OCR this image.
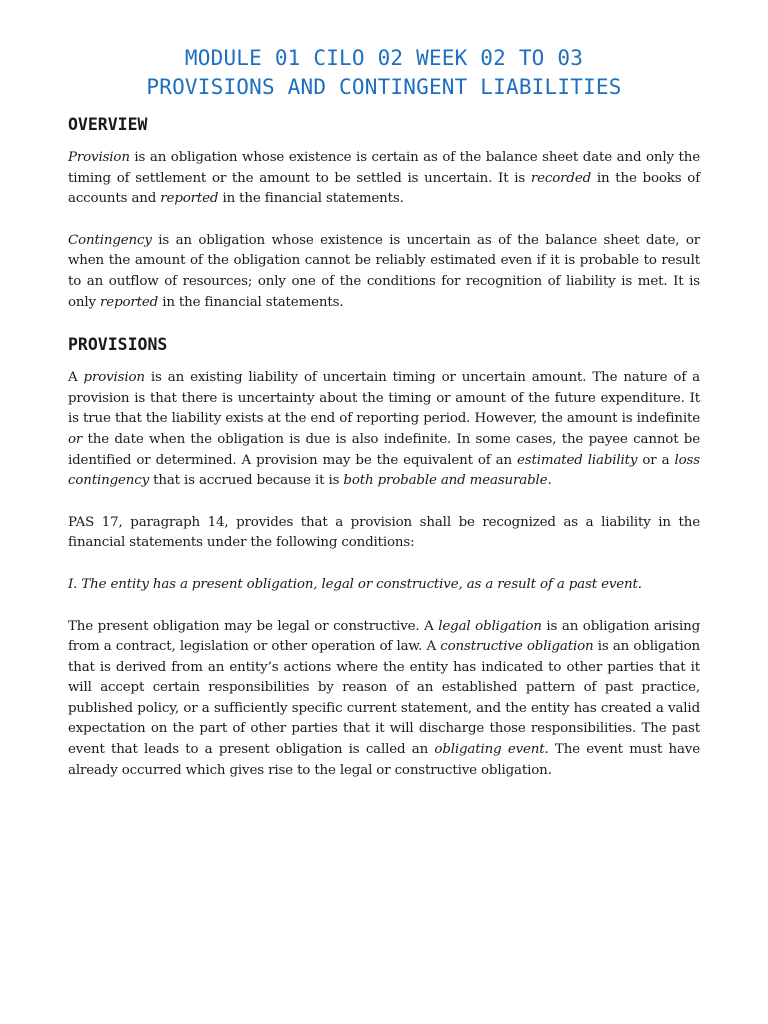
MODULE 01 CILO 02 WEEK 02 TO 03
PROVISIONS AND CONTINGENT LIABILITIES
OVERVIEW

Provision is an obligation whose existence is certain as of the balance sheet date and only the timing of settlement or the amount to be settled is uncertain. It is recorded in the books of accounts and reported in the financial statements.

Contingency is an obligation whose existence is uncertain as of the balance sheet date, or when the amount of the obligation cannot be reliably estimated even if it is probable to result to an outflow of resources; only one of the conditions for recognition of liability is met. It is only reported in the financial statements.

PROVISIONS

A provision is an existing liability of uncertain timing or uncertain amount. The nature of a provision is that there is uncertainty about the timing or amount of the future expenditure. It is true that the liability exists at the end of reporting period. However, the amount is indefinite or the date when the obligation is due is also indefinite. In some cases, the payee cannot be identified or determined. A provision may be the equivalent of an estimated liability or a loss contingency that is accrued because it is both probable and measurable.

PAS 17, paragraph 14, provides that a provision shall be recognized as a liability in the financial statements under the following conditions:

I. The entity has a present obligation, legal or constructive, as a result of a past event.

The present obligation may be legal or constructive. A legal obligation is an obligation arising from a contract, legislation or other operation of law. A constructive obligation is an obligation that is derived from an entity’s actions where the entity has indicated to other parties that it will accept certain responsibilities by reason of an established pattern of past practice, published policy, or a sufficiently specific current statement, and the entity has created a valid expectation on the part of other parties that it will discharge those responsibilities. The past event that leads to a present obligation is called an obligating event. The event must have already occurred which gives rise to the legal or constructive obligation.
